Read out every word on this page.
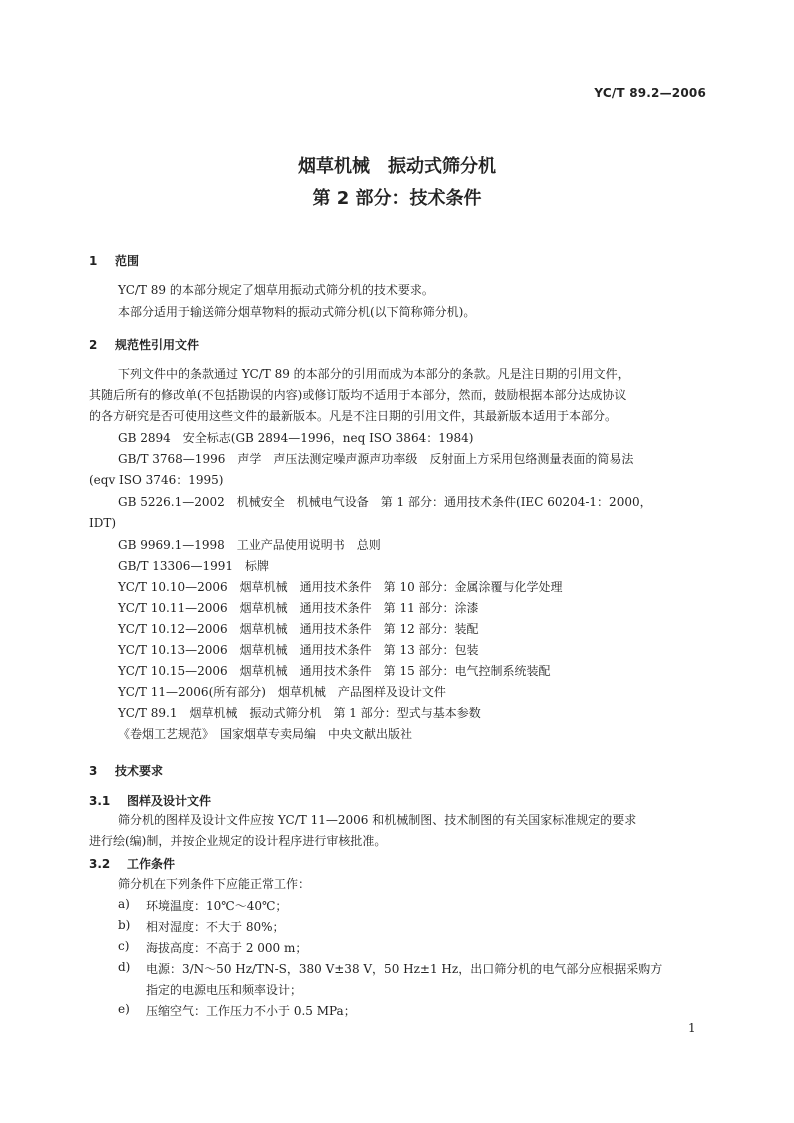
YC/T 89.2—2006
烟草机械　振动式筛分机
第 2 部分：技术条件
1 范围
YC/T 89 的本部分规定了烟草用振动式筛分机的技术要求。
本部分适用于输送筛分烟草物料的振动式筛分机(以下简称筛分机)。
2 规范性引用文件
下列文件中的条款通过 YC/T 89 的本部分的引用而成为本部分的条款。凡是注日期的引用文件，
其随后所有的修改单(不包括勘误的内容)或修订版均不适用于本部分，然而，鼓励根据本部分达成协议
的各方研究是否可使用这些文件的最新版本。凡是不注日期的引用文件，其最新版本适用于本部分。
GB 2894　安全标志(GB 2894—1996，neq ISO 3864：1984)
GB/T 3768—1996　声学　声压法测定噪声源声功率级　反射面上方采用包络测量表面的简易法
(eqv ISO 3746：1995)
GB 5226.1—2002　机械安全　机械电气设备　第 1 部分：通用技术条件(IEC 60204-1：2000，
IDT)
GB 9969.1—1998　工业产品使用说明书　总则
GB/T 13306—1991　标牌
YC/T 10.10—2006　烟草机械　通用技术条件　第 10 部分：金属涂覆与化学处理
YC/T 10.11—2006　烟草机械　通用技术条件　第 11 部分：涂漆
YC/T 10.12—2006　烟草机械　通用技术条件　第 12 部分：装配
YC/T 10.13—2006　烟草机械　通用技术条件　第 13 部分：包装
YC/T 10.15—2006　烟草机械　通用技术条件　第 15 部分：电气控制系统装配
YC/T 11—2006(所有部分)　烟草机械　产品图样及设计文件
YC/T 89.1　烟草机械　振动式筛分机　第 1 部分：型式与基本参数
《卷烟工艺规范》　国家烟草专卖局编　中央文献出版社
3 技术要求
3.1 图样及设计文件
筛分机的图样及设计文件应按 YC/T 11—2006 和机械制图、技术制图的有关国家标准规定的要求
进行绘(编)制，并按企业规定的设计程序进行审核批准。
3.2 工作条件
筛分机在下列条件下应能正常工作：
a) 环境温度：10℃～40℃；
b) 相对湿度：不大于 80%；
c) 海拔高度：不高于 2 000 m；
d) 电源：3/N～50 Hz/TN-S，380 V±38 V，50 Hz±1 Hz，出口筛分机的电气部分应根据采购方
指定的电源电压和频率设计；
e) 压缩空气：工作压力不小于 0.5 MPa；
1
